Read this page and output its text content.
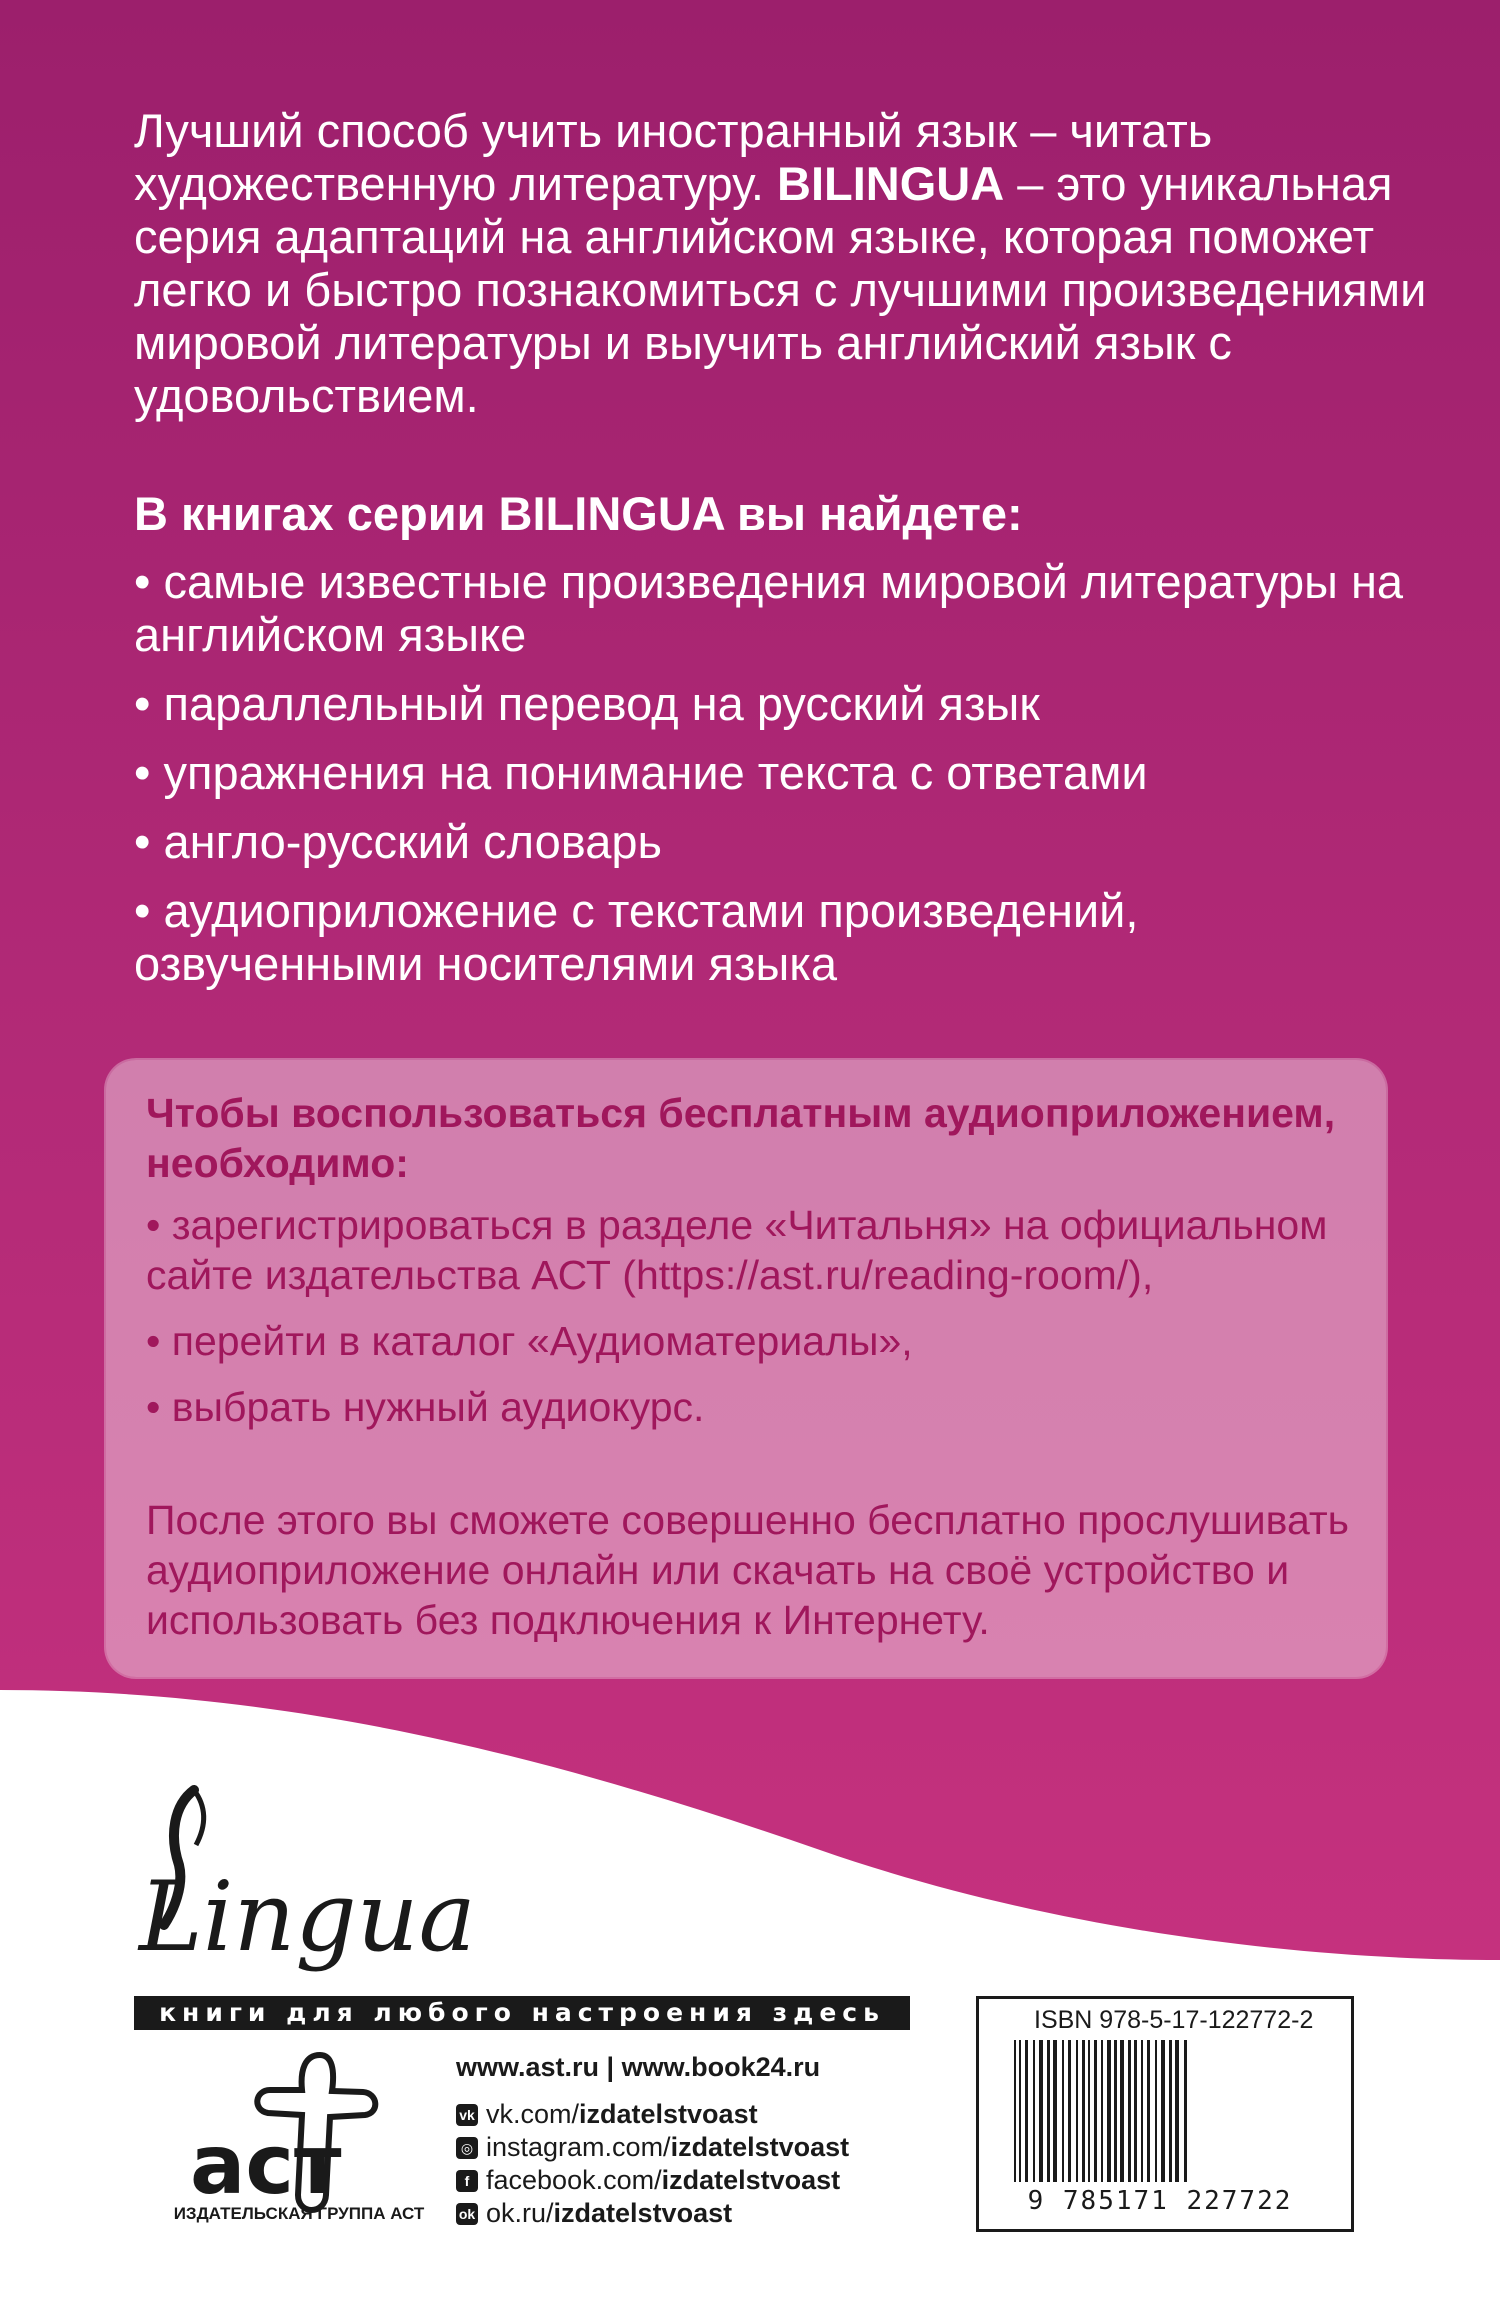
Лучший способ учить иностранный язык – читать художественную литературу. BILINGUA – это уникальная серия адаптаций на английском языке, которая поможет легко и быстро познакомиться с лучшими произведениями мировой литературы и выучить английский язык с удовольствием.

В книгах серии BILINGUA вы найдете:

• самые известные произведения мировой литературы на английском языке
• параллельный перевод на русский язык
• упражнения на понимание текста с ответами
• англо-русский словарь
• аудиоприложение с текстами произведений, озвученными носителями языка

Чтобы воспользоваться бесплатным аудиоприложением, необходимо:

• зарегистрироваться в разделе «Читальня» на официальном сайте издательства АСТ (https://ast.ru/reading-room/),
• перейти в каталог «Аудиоматериалы»,
• выбрать нужный аудиокурс.

После этого вы сможете совершенно бесплатно прослушивать аудиоприложение онлайн или скачать на своё устройство и использовать без подключения к Интернету.

Lingua
книги для любого настроения здесь
аст
ИЗДАТЕЛЬСКАЯ ГРУППА АСТ
www.ast.ru | www.book24.ru
vk vk.com/ izdatelstvoast
◎ instagram.com/ izdatelstvoast
f facebook.com/ izdatelstvoast
ok ok.ru/ izdatelstvoast
ISBN 978-5-17-122772-2
9 785171 227722
